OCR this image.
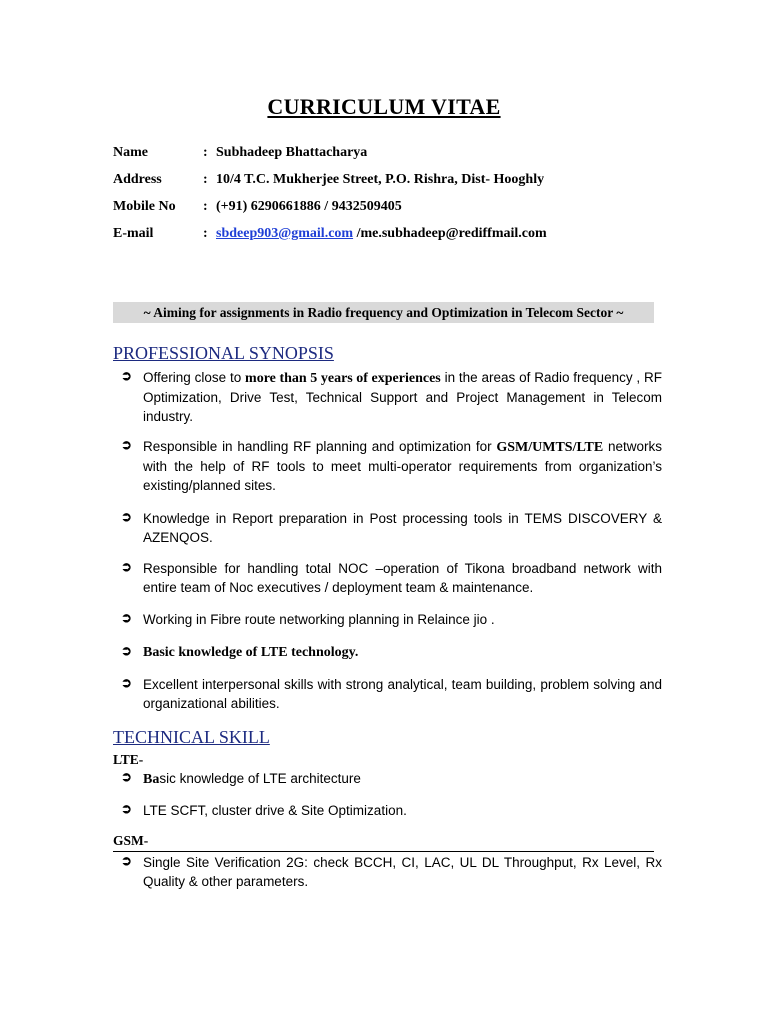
CURRICULUM VITAE
Name	: Subhadeep Bhattacharya
Address	: 10/4 T.C. Mukherjee Street, P.O. Rishra, Dist- Hooghly
Mobile No : (+91) 6290661886 / 9432509405
E-mail	: sbdeep903@gmail.com /me.subhadeep@rediffmail.com
~ Aiming for assignments in Radio frequency and Optimization in Telecom Sector ~
PROFESSIONAL SYNOPSIS
➲ Offering close to more than 5 years of experiences in the areas of Radio frequency , RF Optimization, Drive Test, Technical Support and Project Management in Telecom industry.
➲ Responsible in handling RF planning and optimization for GSM/UMTS/LTE networks with the help of RF tools to meet multi-operator requirements from organization’s existing/planned sites.
➲ Knowledge in Report preparation in Post processing tools in TEMS DISCOVERY & AZENQOS.
➲ Responsible for handling total NOC –operation of Tikona broadband network with entire team of Noc executives / deployment team & maintenance.
➲ Working in Fibre route networking planning in Relaince jio .
➲ Basic knowledge of LTE technology.
➲ Excellent interpersonal skills with strong analytical, team building, problem solving and organizational abilities.
TECHNICAL SKILL
LTE-
➲ Basic knowledge of LTE architecture
➲ LTE SCFT, cluster drive & Site Optimization.
GSM-
➲ Single Site Verification 2G: check BCCH, CI, LAC, UL DL Throughput, Rx Level, Rx Quality & other parameters.
